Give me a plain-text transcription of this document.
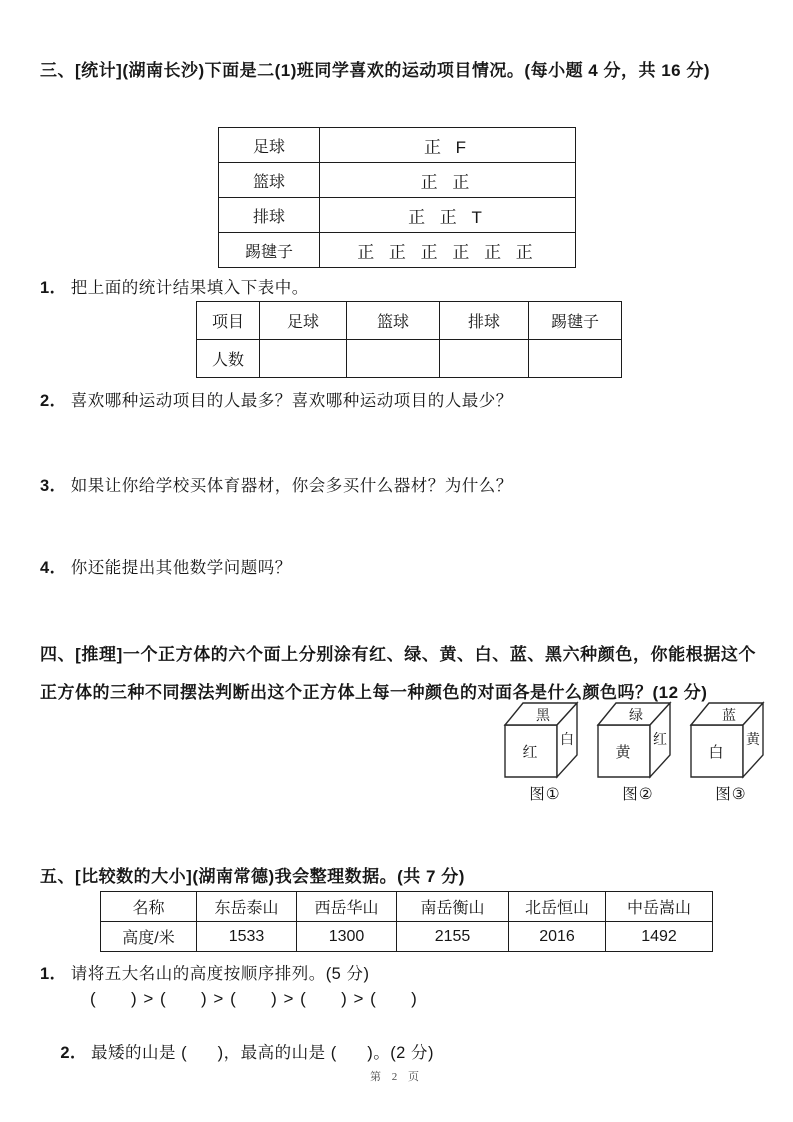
三、[统计](湖南长沙)下面是二(1)班同学喜欢的运动项目情况。(每小题 4 分，共 16 分)
足球	正 F
篮球	正 正
排球	正 正 T
踢毽子	正 正 正 正 正 正
1． 把上面的统计结果填入下表中。
项目	足球	篮球	排球	踢毽子
人数				
2． 喜欢哪种运动项目的人最多？喜欢哪种运动项目的人最少？
3． 如果让你给学校买体育器材，你会多买什么器材？为什么？
4． 你还能提出其他数学问题吗？
四、[推理]一个正方体的六个面上分别涂有红、绿、黄、白、蓝、黑六种颜色，你能根据这个正方体的三种不同摆法判断出这个正方体上每一种颜色的对面各是什么颜色吗？(12 分)
黑
红
白
图①
绿
黄
红
图②
蓝
白
黄
图③
五、[比较数的大小](湖南常德)我会整理数据。(共 7 分)
名称	东岳泰山	西岳华山	南岳衡山	北岳恒山	中岳嵩山
高度/米	1533	1300	2155	2016	1492
1． 请将五大名山的高度按顺序排列。(5 分)
(      ) > (      ) > (      ) > (      ) > (      )

2． 最矮的山是 (      )，最高的山是 (      )。(2 分)

第 2 页
